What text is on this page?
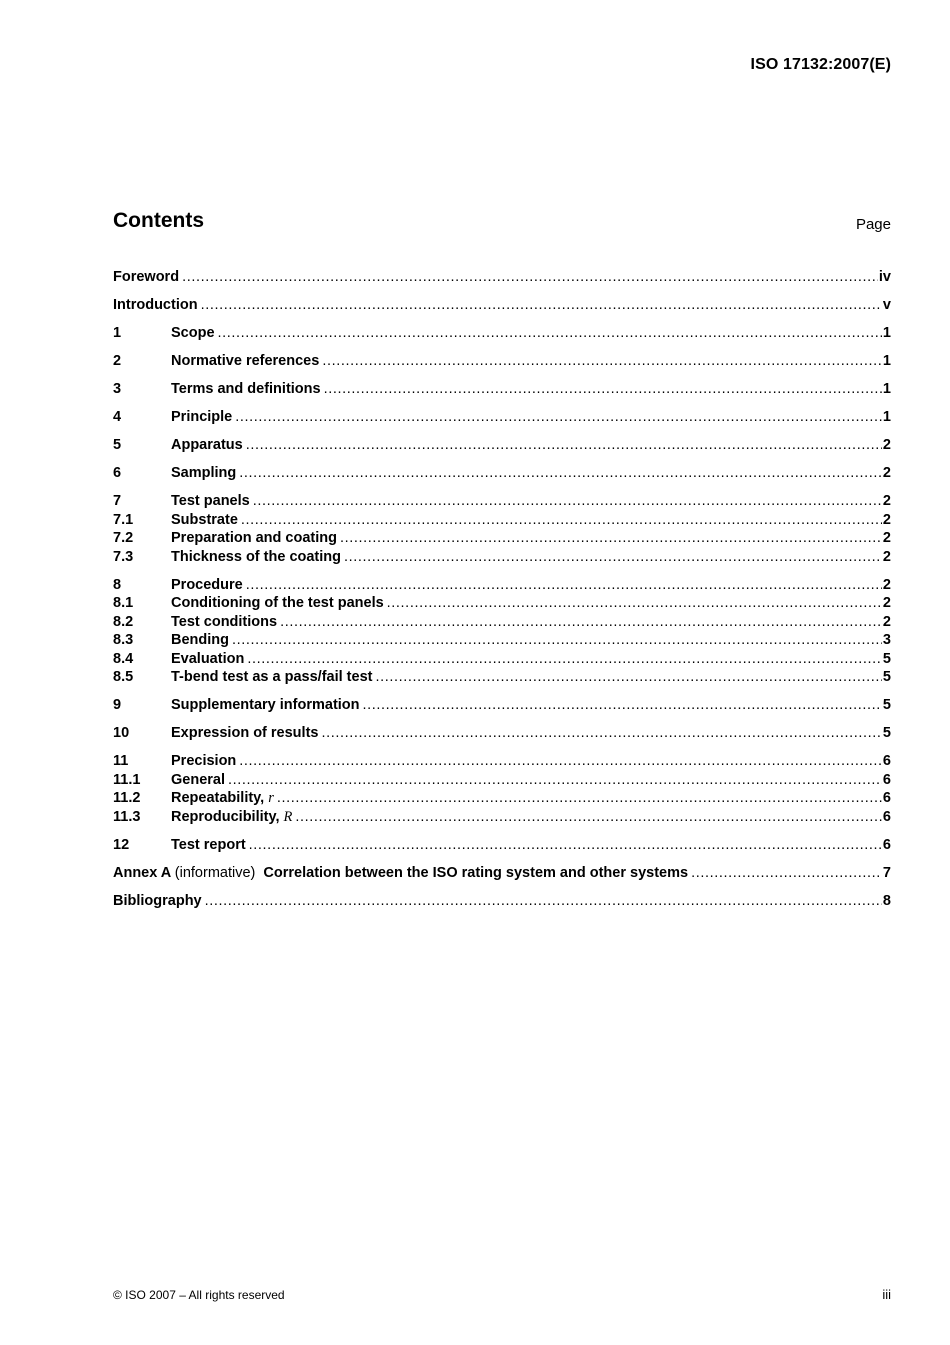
ISO 17132:2007(E)
Contents	Page
Foreword .....	iv
Introduction .....	v
1	Scope .....	1
2	Normative references .....	1
3	Terms and definitions .....	1
4	Principle .....	1
5	Apparatus .....	2
6	Sampling .....	2
7	Test panels .....	2
7.1	Substrate .....	2
7.2	Preparation and coating .....	2
7.3	Thickness of the coating .....	2
8	Procedure .....	2
8.1	Conditioning of the test panels .....	2
8.2	Test conditions .....	2
8.3	Bending .....	3
8.4	Evaluation .....	5
8.5	T-bend test as a pass/fail test .....	5
9	Supplementary information .....	5
10	Expression of results .....	5
11	Precision .....	6
11.1	General .....	6
11.2	Repeatability, r .....	6
11.3	Reproducibility, R .....	6
12	Test report .....	6
Annex A (informative) Correlation between the ISO rating system and other systems .....	7
Bibliography .....	8
© ISO 2007 – All rights reserved	iii
